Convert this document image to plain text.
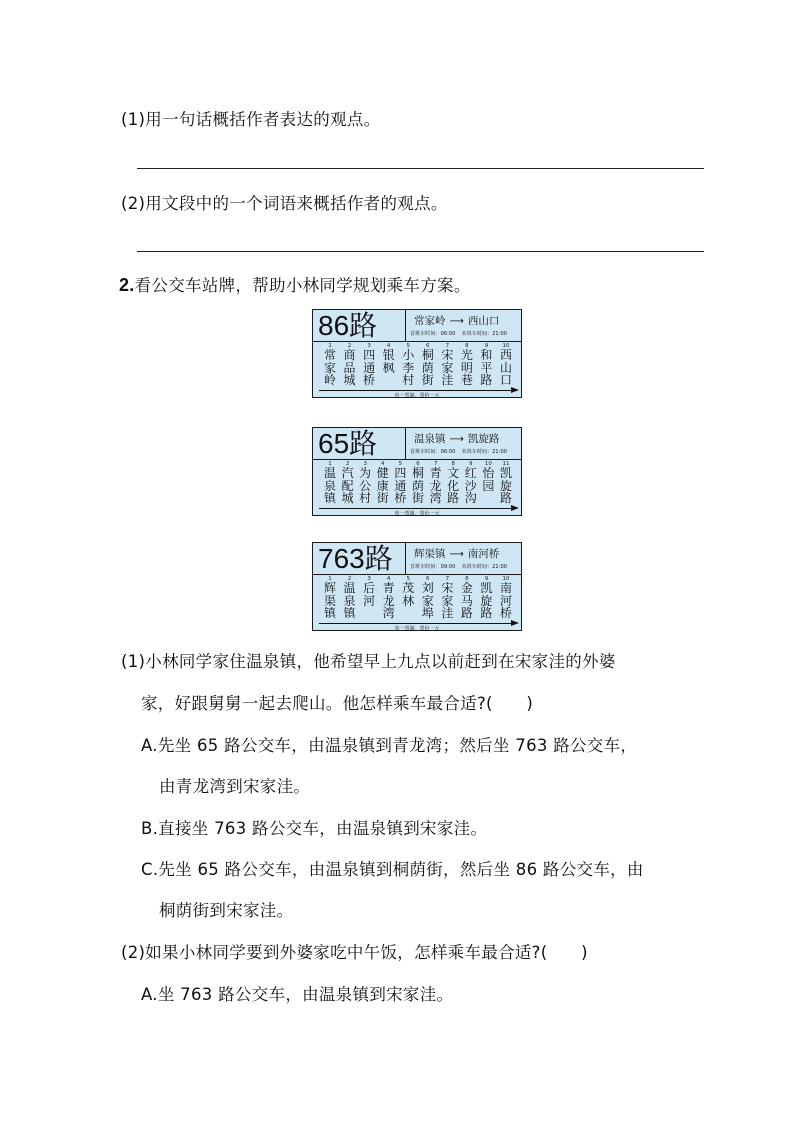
(1)用一句话概括作者表达的观点。
(2)用文段中的一个词语来概括作者的观点。
2.看公交车站牌，帮助小林同学规划乘车方案。
86路	常家岭 ⟶ 西山口
首班车时间：06:00 末班车时间：21:00
1
常
家
岭
2
商
品
城
3
四
通
桥
4
银
枫
5
小
李
村
6
桐
荫
街
7
宋
家
洼
8
光
明
巷
9
和
平
路
10
西
山
口
单一票制，票价一元
65路	温泉镇 ⟶ 凯旋路
首班车时间：06:00 末班车时间：21:00
1
温
泉
镇
2
汽
配
城
3
为
公
村
4
健
康
街
5
四
通
桥
6
桐
荫
街
7
青
龙
湾
8
文
化
路
9
红
沙
沟
10
怡
园
11
凯
旋
路
单一票制，票价一元
763路 辉渠镇 ⟶ 南河桥
首班车时间：09:00 末班车时间：21:00
1
辉
渠
镇
2
温
泉
镇
3
后
河
4
青
龙
湾
5
茂
林
6
刘
家
埠
7
宋
家
洼
8
金
马
路
9
凯
旋
路
10
南
河
桥
单一票制，票价一元
(1)小林同学家住温泉镇，他希望早上九点以前赶到在宋家洼的外婆
家，好跟舅舅一起去爬山。他怎样乘车最合适?(　　)
A.先坐 65 路公交车，由温泉镇到青龙湾；然后坐 763 路公交车，
由青龙湾到宋家洼。
B.直接坐 763 路公交车，由温泉镇到宋家洼。
C.先坐 65 路公交车，由温泉镇到桐荫街，然后坐 86 路公交车，由
桐荫街到宋家洼。
(2)如果小林同学要到外婆家吃中午饭，怎样乘车最合适?(　　)
A.坐 763 路公交车，由温泉镇到宋家洼。
